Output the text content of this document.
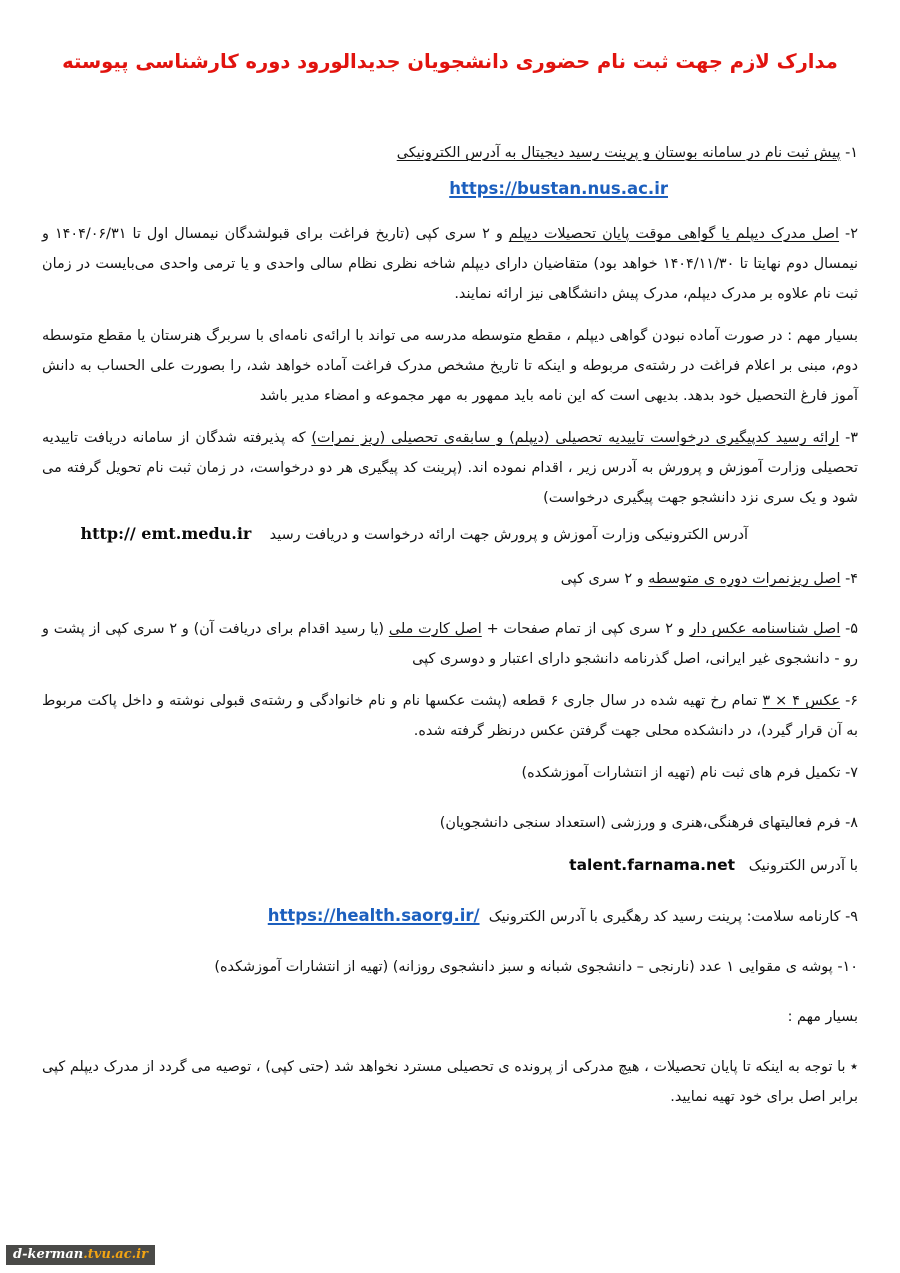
مدارک لازم جهت ثبت نام حضوری دانشجویان جدیدالورود دوره کارشناسی پیوسته

۱- پیش ثبت نام در سامانه بوستان و پرینت رسید دیجیتال به آدرس الکترونیکی

https://bustan.nus.ac.ir

۲- اصل مدرک دیپلم یا گواهی موقت پایان تحصیلات دیپلم و ۲ سری کپی (تاریخ فراغت برای قبولشدگان نیمسال اول تا ۱۴۰۴/۰۶/۳۱ و نیمسال دوم نهایتا تا ۱۴۰۴/۱۱/۳۰ خواهد بود) متقاضیان دارای دیپلم شاخه نظری نظام سالی واحدی و یا ترمی واحدی می‌بایست در زمان ثبت نام علاوه بر مدرک دیپلم، مدرک پیش دانشگاهی نیز ارائه نمایند.

بسیار مهم : در صورت آماده نبودن گواهی دیپلم ، مقطع متوسطه مدرسه می تواند با ارائه‌ی نامه‌ای با سربرگ هنرستان یا مقطع متوسطه دوم، مبنی بر اعلام فراغت در رشته‌ی مربوطه و اینکه تا تاریخ مشخص مدرک فراغت آماده خواهد شد، را بصورت علی الحساب به دانش آموز فارغ التحصیل خود بدهد. بدیهی است که این نامه باید ممهور به مهر مجموعه و امضاء مدیر باشد

۳- ارائه رسید کدپیگیری درخواست تاییدیه تحصیلی (دیپلم) و سابقه‌ی تحصیلی (ریز نمرات) که پذیرفته شدگان از سامانه دریافت تاییدیه تحصیلی وزارت آموزش و پرورش به آدرس زیر ، اقدام نموده اند. (پرینت کد پیگیری هر دو درخواست، در زمان ثبت نام تحویل گرفته می شود و یک سری نزد دانشجو جهت پیگیری درخواست)

آدرس الکترونیکی وزارت آموزش و پرورش جهت ارائه درخواست و دریافت رسید    http:// emt.medu.ir

۴- اصل ریزنمرات دوره ی متوسطه و ۲ سری کپی

۵- اصل شناسنامه عکس دار و ۲ سری کپی از تمام صفحات + اصل کارت ملی (یا رسید اقدام برای دریافت آن) و ۲ سری کپی از پشت و رو - دانشجوی غیر ایرانی، اصل گذرنامه دانشجو دارای اعتبار و دوسری کپی

۶- عکس ۴ × ۳ تمام رخ تهیه شده در سال جاری ۶ قطعه (پشت عکسها نام و نام خانوادگی و رشته‌ی قبولی نوشته و داخل پاکت مربوط به آن قرار گیرد)، در دانشکده محلی جهت گرفتن عکس درنظر گرفته شده.

۷- تکمیل فرم های ثبت نام (تهیه از انتشارات آموزشکده)

۸- فرم فعالیتهای فرهنگی،هنری و ورزشی (استعداد سنجی دانشجویان)

با آدرس الکترونیک   talent.farnama.net

۹- کارنامه سلامت: پرینت رسید کد رهگیری با آدرس الکترونیک  https://health.saorg.ir/

۱۰- پوشه ی مقوایی ۱ عدد (نارنجی – دانشجوی شبانه و سبز دانشجوی روزانه) (تهیه از انتشارات آموزشکده)

بسیار مهم :

٭ با توجه به اینکه تا پایان تحصیلات ، هیچ مدرکی از پرونده ی تحصیلی مسترد نخواهد شد (حتی کپی) ، توصیه می گردد از مدرک دیپلم کپی برابر اصل برای خود تهیه نمایید.

d-kerman.tvu.ac.ir
